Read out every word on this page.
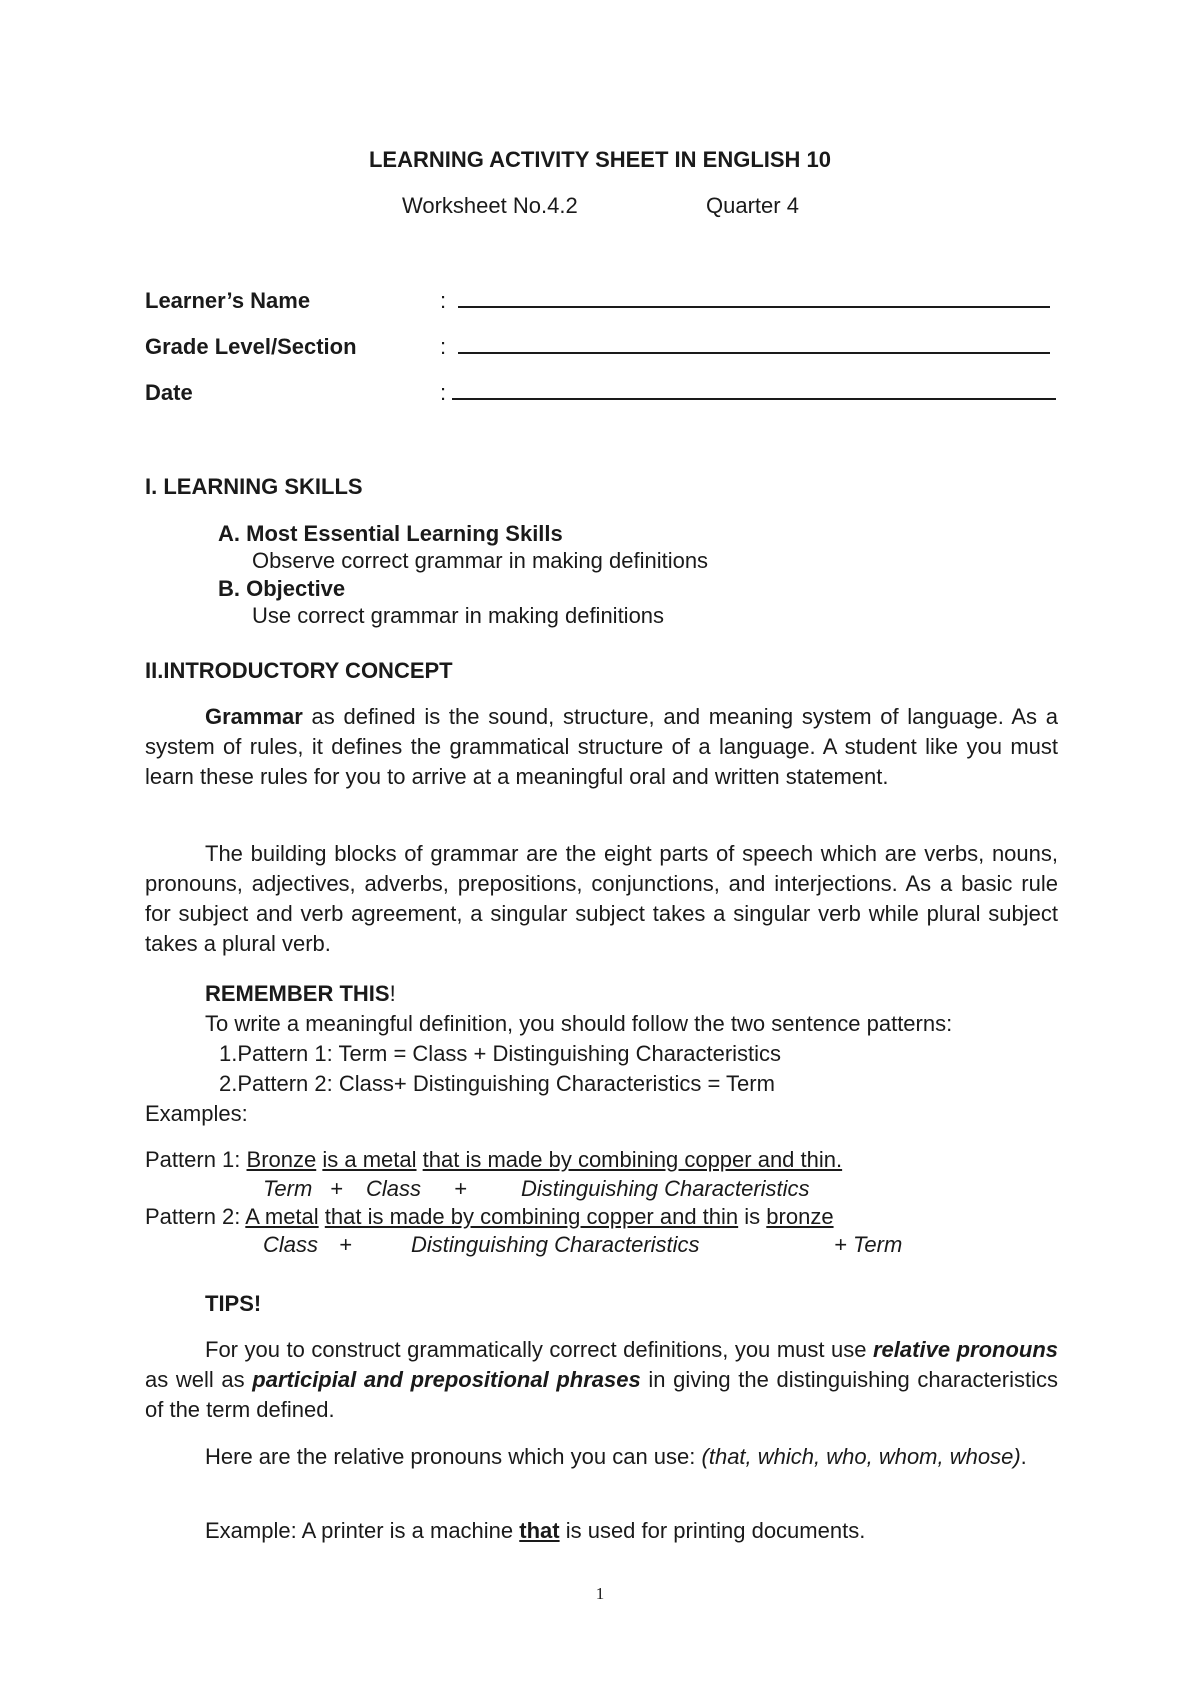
LEARNING ACTIVITY SHEET IN ENGLISH 10
Worksheet No.4.2	Quarter 4
Learner’s Name	:
Grade Level/Section	:
Date	:
I. LEARNING SKILLS
A. Most Essential Learning Skills
Observe correct grammar in making definitions
B. Objective
Use correct grammar in making definitions
II.INTRODUCTORY CONCEPT
Grammar as defined is the sound, structure, and meaning system of language. As a system of rules, it defines the grammatical structure of a language. A student like you must learn these rules for you to arrive at a meaningful oral and written statement.
The building blocks of grammar are the eight parts of speech which are verbs, nouns, pronouns, adjectives, adverbs, prepositions, conjunctions, and interjections. As a basic rule for subject and verb agreement, a singular subject takes a singular verb while plural subject takes a plural verb.
REMEMBER THIS!
To write a meaningful definition, you should follow the two sentence patterns:
1.Pattern 1: Term = Class + Distinguishing Characteristics
2.Pattern 2: Class+ Distinguishing Characteristics = Term
Examples:
Pattern 1: Bronze is a metal that is made by combining copper and thin.
Term + Class + Distinguishing Characteristics
Pattern 2: A metal that is made by combining copper and thin is bronze
Class +	Distinguishing Characteristics	+ Term
TIPS!
For you to construct grammatically correct definitions, you must use relative pronouns as well as participial and prepositional phrases in giving the distinguishing characteristics of the term defined.
Here are the relative pronouns which you can use: (that, which, who, whom, whose).
Example: A printer is a machine that is used for printing documents.
1
